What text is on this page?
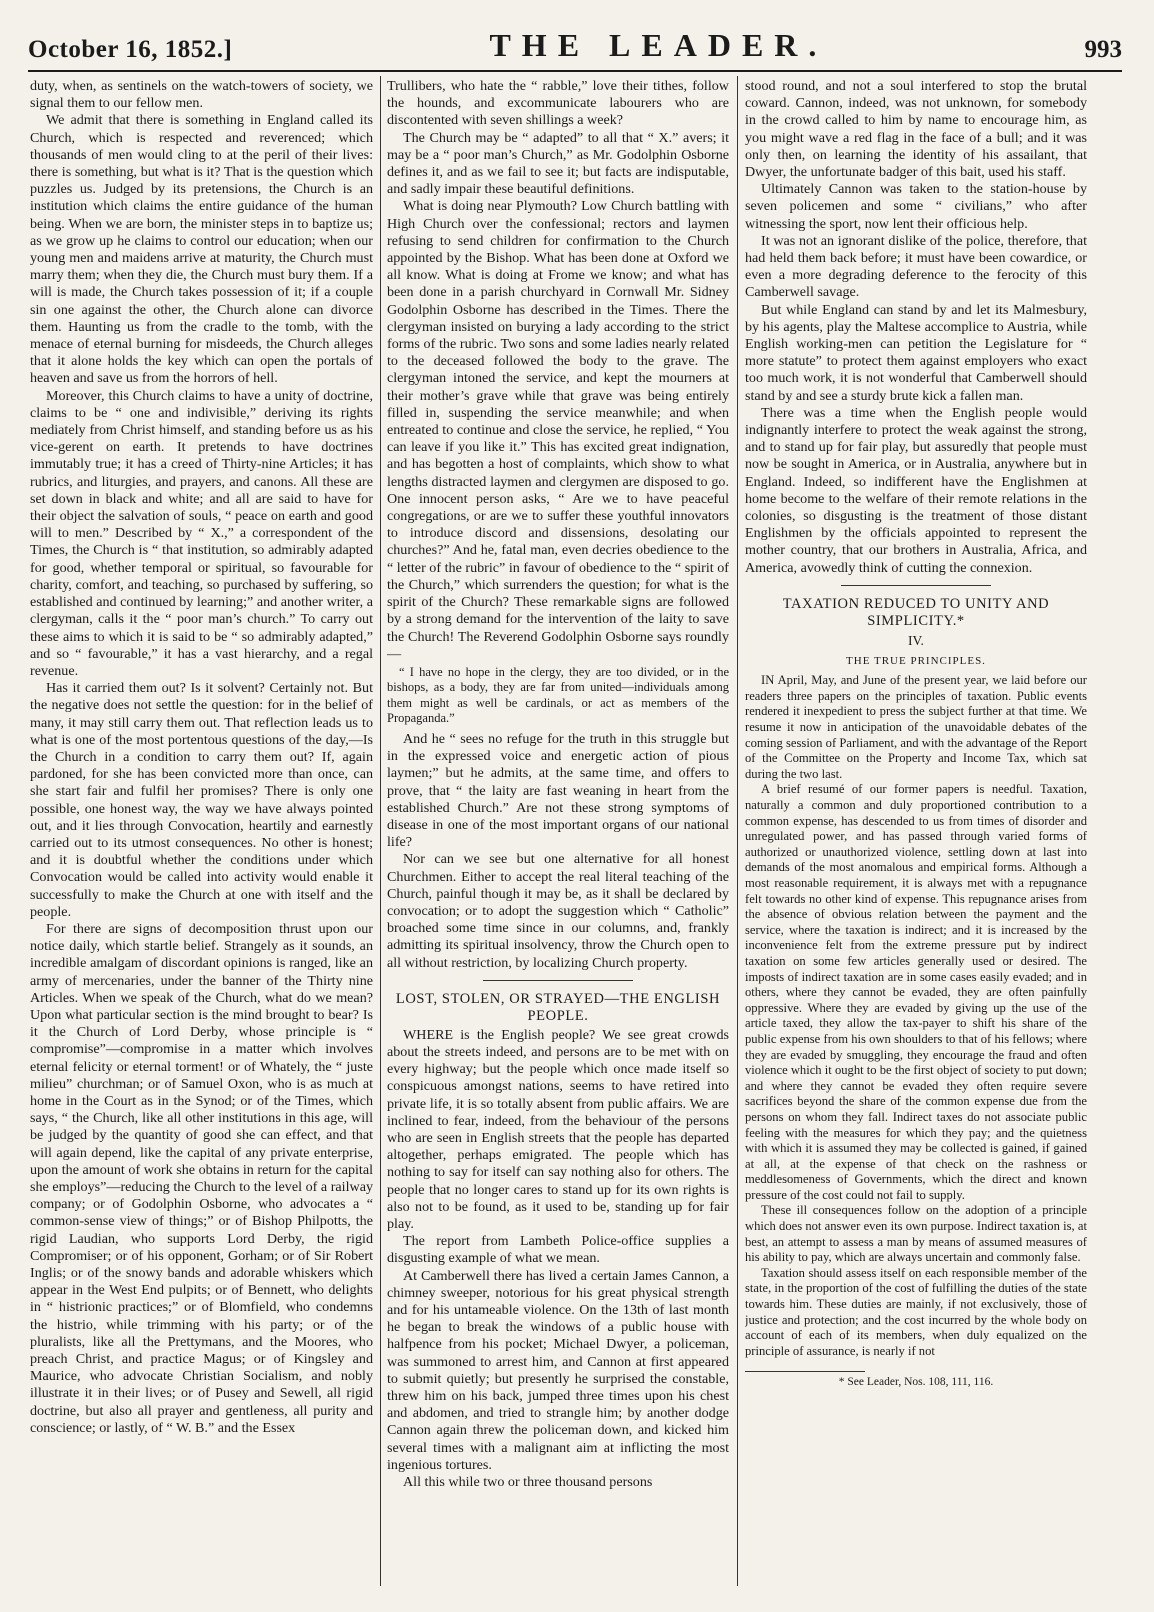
October 16, 1852.]	THE LEADER.	993

duty, when, as sentinels on the watch-towers of society, we signal them to our fellow men.

We admit that there is something in England called its Church, which is respected and reverenced; which thousands of men would cling to at the peril of their lives: there is something, but what is it? That is the question which puzzles us. Judged by its pretensions, the Church is an institution which claims the entire guidance of the human being. When we are born, the minister steps in to baptize us; as we grow up he claims to control our education; when our young men and maidens arrive at maturity, the Church must marry them; when they die, the Church must bury them. If a will is made, the Church takes possession of it; if a couple sin one against the other, the Church alone can divorce them. Haunting us from the cradle to the tomb, with the menace of eternal burning for misdeeds, the Church alleges that it alone holds the key which can open the portals of heaven and save us from the horrors of hell.

Moreover, this Church claims to have a unity of doctrine, claims to be “ one and indivisible,” deriving its rights mediately from Christ himself, and standing before us as his vice-gerent on earth. It pretends to have doctrines immutably true; it has a creed of Thirty-nine Articles; it has rubrics, and liturgies, and prayers, and canons. All these are set down in black and white; and all are said to have for their object the salvation of souls, “ peace on earth and good will to men.” Described by “ X.,” a correspondent of the Times, the Church is “ that institution, so admirably adapted for good, whether temporal or spiritual, so favourable for charity, comfort, and teaching, so purchased by suffering, so established and continued by learning;” and another writer, a clergyman, calls it the “ poor man’s church.” To carry out these aims to which it is said to be “ so admirably adapted,” and so “ favourable,” it has a vast hierarchy, and a regal revenue.

Has it carried them out? Is it solvent? Certainly not. But the negative does not settle the question: for in the belief of many, it may still carry them out. That reflection leads us to what is one of the most portentous questions of the day,—Is the Church in a condition to carry them out? If, again pardoned, for she has been convicted more than once, can she start fair and fulfil her promises? There is only one possible, one honest way, the way we have always pointed out, and it lies through Convocation, heartily and earnestly carried out to its utmost consequences. No other is honest; and it is doubtful whether the conditions under which Convocation would be called into activity would enable it successfully to make the Church at one with itself and the people.

For there are signs of decomposition thrust upon our notice daily, which startle belief. Strangely as it sounds, an incredible amalgam of discordant opinions is ranged, like an army of mercenaries, under the banner of the Thirty nine Articles. When we speak of the Church, what do we mean? Upon what particular section is the mind brought to bear? Is it the Church of Lord Derby, whose principle is “ compromise”—compromise in a matter which involves eternal felicity or eternal torment! or of Whately, the “ juste milieu” churchman; or of Samuel Oxon, who is as much at home in the Court as in the Synod; or of the Times, which says, “ the Church, like all other institutions in this age, will be judged by the quantity of good she can effect, and that will again depend, like the capital of any private enterprise, upon the amount of work she obtains in return for the capital she employs”—reducing the Church to the level of a railway company; or of Godolphin Osborne, who advocates a “ common-sense view of things;” or of Bishop Philpotts, the rigid Laudian, who supports Lord Derby, the rigid Compromiser; or of his opponent, Gorham; or of Sir Robert Inglis; or of the snowy bands and adorable whiskers which appear in the West End pulpits; or of Bennett, who delights in “ histrionic practices;” or of Blomfield, who condemns the histrio, while trimming with his party; or of the pluralists, like all the Prettymans, and the Moores, who preach Christ, and practice Magus; or of Kingsley and Maurice, who advocate Christian Socialism, and nobly illustrate it in their lives; or of Pusey and Sewell, all rigid doctrine, but also all prayer and gentleness, all purity and conscience; or lastly, of “ W. B.” and the Essex

Trullibers, who hate the “ rabble,” love their tithes, follow the hounds, and excommunicate labourers who are discontented with seven shillings a week?

The Church may be “ adapted” to all that “ X.” avers; it may be a “ poor man’s Church,” as Mr. Godolphin Osborne defines it, and as we fail to see it; but facts are indisputable, and sadly impair these beautiful definitions.

What is doing near Plymouth? Low Church battling with High Church over the confessional; rectors and laymen refusing to send children for confirmation to the Church appointed by the Bishop. What has been done at Oxford we all know. What is doing at Frome we know; and what has been done in a parish churchyard in Cornwall Mr. Sidney Godolphin Osborne has described in the Times. There the clergyman insisted on burying a lady according to the strict forms of the rubric. Two sons and some ladies nearly related to the deceased followed the body to the grave. The clergyman intoned the service, and kept the mourners at their mother’s grave while that grave was being entirely filled in, suspending the service meanwhile; and when entreated to continue and close the service, he replied, “ You can leave if you like it.” This has excited great indignation, and has begotten a host of complaints, which show to what lengths distracted laymen and clergymen are disposed to go. One innocent person asks, “ Are we to have peaceful congregations, or are we to suffer these youthful innovators to introduce discord and dissensions, desolating our churches?” And he, fatal man, even decries obedience to the “ letter of the rubric” in favour of obedience to the “ spirit of the Church,” which surrenders the question; for what is the spirit of the Church? These remarkable signs are followed by a strong demand for the intervention of the laity to save the Church! The Reverend Godolphin Osborne says roundly—

“ I have no hope in the clergy, they are too divided, or in the bishops, as a body, they are far from united—individuals among them might as well be cardinals, or act as members of the Propaganda.”

And he “ sees no refuge for the truth in this struggle but in the expressed voice and energetic action of pious laymen;” but he admits, at the same time, and offers to prove, that “ the laity are fast weaning in heart from the established Church.” Are not these strong symptoms of disease in one of the most important organs of our national life?

Nor can we see but one alternative for all honest Churchmen. Either to accept the real literal teaching of the Church, painful though it may be, as it shall be declared by convocation; or to adopt the suggestion which “ Catholic” broached some time since in our columns, and, frankly admitting its spiritual insolvency, throw the Church open to all without restriction, by localizing Church property.

LOST, STOLEN, OR STRAYED—THE ENGLISH PEOPLE.

WHERE is the English people? We see great crowds about the streets indeed, and persons are to be met with on every highway; but the people which once made itself so conspicuous amongst nations, seems to have retired into private life, it is so totally absent from public affairs. We are inclined to fear, indeed, from the behaviour of the persons who are seen in English streets that the people has departed altogether, perhaps emigrated. The people which has nothing to say for itself can say nothing also for others. The people that no longer cares to stand up for its own rights is also not to be found, as it used to be, standing up for fair play.

The report from Lambeth Police-office supplies a disgusting example of what we mean.

At Camberwell there has lived a certain James Cannon, a chimney sweeper, notorious for his great physical strength and for his untameable violence. On the 13th of last month he began to break the windows of a public house with halfpence from his pocket; Michael Dwyer, a policeman, was summoned to arrest him, and Cannon at first appeared to submit quietly; but presently he surprised the constable, threw him on his back, jumped three times upon his chest and abdomen, and tried to strangle him; by another dodge Cannon again threw the policeman down, and kicked him several times with a malignant aim at inflicting the most ingenious tortures.

All this while two or three thousand persons

stood round, and not a soul interfered to stop the brutal coward. Cannon, indeed, was not unknown, for somebody in the crowd called to him by name to encourage him, as you might wave a red flag in the face of a bull; and it was only then, on learning the identity of his assailant, that Dwyer, the unfortunate badger of this bait, used his staff.

Ultimately Cannon was taken to the station-house by seven policemen and some “ civilians,” who after witnessing the sport, now lent their officious help.

It was not an ignorant dislike of the police, therefore, that had held them back before; it must have been cowardice, or even a more degrading deference to the ferocity of this Camberwell savage.

But while England can stand by and let its Malmesbury, by his agents, play the Maltese accomplice to Austria, while English working-men can petition the Legislature for “ more statute” to protect them against employers who exact too much work, it is not wonderful that Camberwell should stand by and see a sturdy brute kick a fallen man.

There was a time when the English people would indignantly interfere to protect the weak against the strong, and to stand up for fair play, but assuredly that people must now be sought in America, or in Australia, anywhere but in England. Indeed, so indifferent have the Englishmen at home become to the welfare of their remote relations in the colonies, so disgusting is the treatment of those distant Englishmen by the officials appointed to represent the mother country, that our brothers in Australia, Africa, and America, avowedly think of cutting the connexion.

TAXATION REDUCED TO UNITY AND SIMPLICITY.*

IV.

THE TRUE PRINCIPLES.

IN April, May, and June of the present year, we laid before our readers three papers on the principles of taxation. Public events rendered it inexpedient to press the subject further at that time. We resume it now in anticipation of the unavoidable debates of the coming session of Parliament, and with the advantage of the Report of the Committee on the Property and Income Tax, which sat during the two last.

A brief resumé of our former papers is needful. Taxation, naturally a common and duly proportioned contribution to a common expense, has descended to us from times of disorder and unregulated power, and has passed through varied forms of authorized or unauthorized violence, settling down at last into demands of the most anomalous and empirical forms. Although a most reasonable requirement, it is always met with a repugnance felt towards no other kind of expense. This repugnance arises from the absence of obvious relation between the payment and the service, where the taxation is indirect; and it is increased by the inconvenience felt from the extreme pressure put by indirect taxation on some few articles generally used or desired. The imposts of indirect taxation are in some cases easily evaded; and in others, where they cannot be evaded, they are often painfully oppressive. Where they are evaded by giving up the use of the article taxed, they allow the tax-payer to shift his share of the public expense from his own shoulders to that of his fellows; where they are evaded by smuggling, they encourage the fraud and often violence which it ought to be the first object of society to put down; and where they cannot be evaded they often require severe sacrifices beyond the share of the common expense due from the persons on whom they fall. Indirect taxes do not associate public feeling with the measures for which they pay; and the quietness with which it is assumed they may be collected is gained, if gained at all, at the expense of that check on the rashness or meddlesomeness of Governments, which the direct and known pressure of the cost could not fail to supply.

These ill consequences follow on the adoption of a principle which does not answer even its own purpose. Indirect taxation is, at best, an attempt to assess a man by means of assumed measures of his ability to pay, which are always uncertain and commonly false.

Taxation should assess itself on each responsible member of the state, in the proportion of the cost of fulfilling the duties of the state towards him. These duties are mainly, if not exclusively, those of justice and protection; and the cost incurred by the whole body on account of each of its members, when duly equalized on the principle of assurance, is nearly if not

* See Leader, Nos. 108, 111, 116.
